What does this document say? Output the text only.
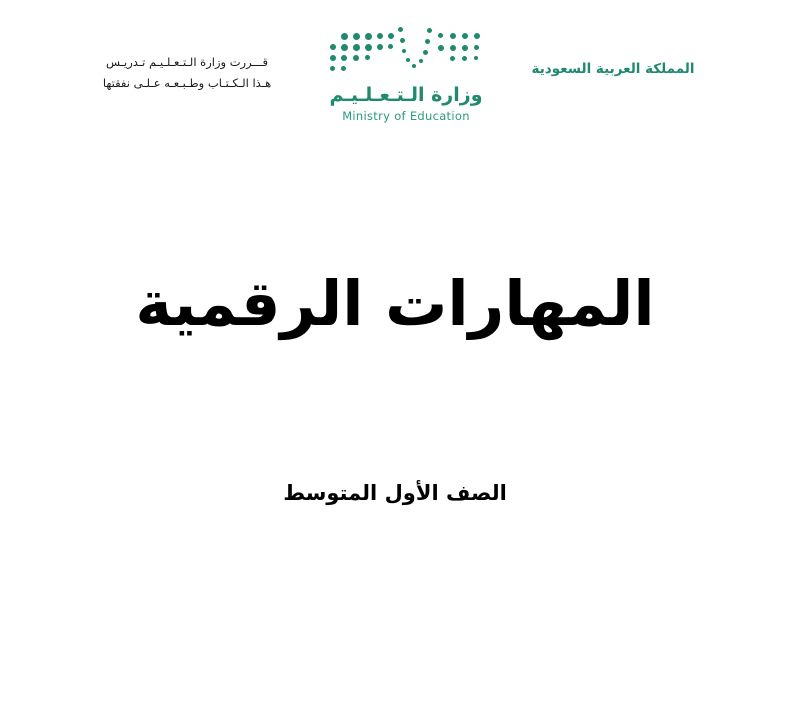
قـــررت وزارة الـتـعـلـيـم تـدريـس
هـذا الـكـتـاب وطـبـعـه عـلـى نفقتها
وزارة الـتـعـلـيـم
Ministry of Education
المملكة العربية السعودية
المهارات الرقمية
الصف الأول المتوسط
